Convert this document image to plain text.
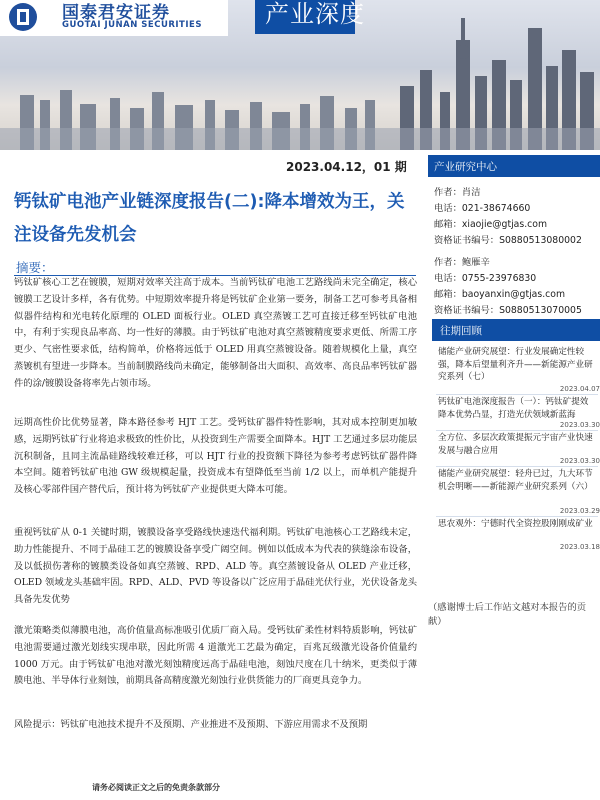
国泰君安证券
GUOTAI JUNAN SECURITIES	产业深度
产业研究中心
作者：肖洁
电话：021-38674660
邮箱：xiaojie@gtjas.com
资格证书编号：S0880513080002
作者：鲍雁辛
电话：0755-23976830
邮箱：baoyanxin@gtjas.com
资格证书编号：S0880513070005
往期回顾
储能产业研究展望：行业发展确定性较强，降本后望量利齐升——新能源产业研究系列（七）
2023.04.07
钙钛矿电池深度报告（一）：钙钛矿提效降本优势凸显，打造光伏领域新蓝海
2023.03.30
全方位、多层次政策提振元宇宙产业快速发展与融合应用
2023.03.30
储能产业研究展望：轻舟已过，九大环节机会明晰——新能源产业研究系列（六）
2023.03.29
思农观外：宁德时代全资控股刚刚成矿业
2023.03.18
（感谢博士后工作站文越对本报告的贡献）
2023.04.12，01 期
钙钛矿电池产业链深度报告(二):降本增效为王，关注设备先发机会
摘要：
钙钛矿核心工艺在镀膜，短期对效率关注高于成本。当前钙钛矿电池工艺路线尚未完全确定，核心镀膜工艺设计多样，各有优势。中短期效率提升将是钙钛矿企业第一要务，制备工艺可参考具备相似器件结构和光电转化原理的 OLED 面板行业。OLED 真空蒸镀工艺可直接迁移至钙钛矿电池中，有利于实现良品率高、均一性好的薄膜。由于钙钛矿电池对真空蒸镀精度要求更低、所需工序更少、气密性要求低，结构简单，价格将远低于 OLED 用真空蒸镀设备。随着规模化上量，真空蒸镀机有望进一步降本。当前制膜路线尚未确定，能够制备出大面积、高效率、高良品率钙钛矿器件的涂/镀膜设备将率先占领市场。
远期高性价比优势显著，降本路径参考 HJT 工艺。受钙钛矿器件特性影响，其对成本控制更加敏感，远期钙钛矿行业将追求极致的性价比，从投资到生产需要全面降本。HJT 工艺通过多层功能层沉积制备，且同主流晶硅路线较难迁移，可以 HJT 行业的投资额下降径为参考考虑钙钛矿器件降本空间。随着钙钛矿电池 GW 级规模起量，投资成本有望降低至当前 1/2 以上，而单机产能提升及核心零部件国产替代后，预计将为钙钛矿产业提供更大降本可能。
重视钙钛矿从 0-1 关键时期，镀膜设备享受路线快速迭代福利期。钙钛矿电池核心工艺路线未定，助力性能提升、不同于晶硅工艺的镀膜设备享受广阔空间。例如以低成本为代表的狭缝涂布设备，及以低损伤著称的镀膜类设备如真空蒸镀、RPD、ALD 等。真空蒸镀设备从 OLED 产业迁移，OLED 领域龙头基础牢固。RPD、ALD、PVD 等设备以广泛应用于晶硅光伏行业，光伏设备龙头具备先发优势
激光策略类似薄膜电池，高价值量高标准吸引优质厂商入局。受钙钛矿柔性材料特质影响，钙钛矿电池需要通过激光划线实现串联，因此所需 4 道激光工艺最为确定，百兆瓦级激光设备价值量约 1000 万元。由于钙钛矿电池对激光刻蚀精度远高于晶硅电池，刻蚀尺度在几十纳米，更类似于薄膜电池、半导体行业刻蚀，前期具备高精度激光刻蚀行业供货能力的厂商更具竞争力。
风险提示：钙钛矿电池技术提升不及预期、产业推进不及预期、下游应用需求不及预期
请务必阅读正文之后的免责条款部分
